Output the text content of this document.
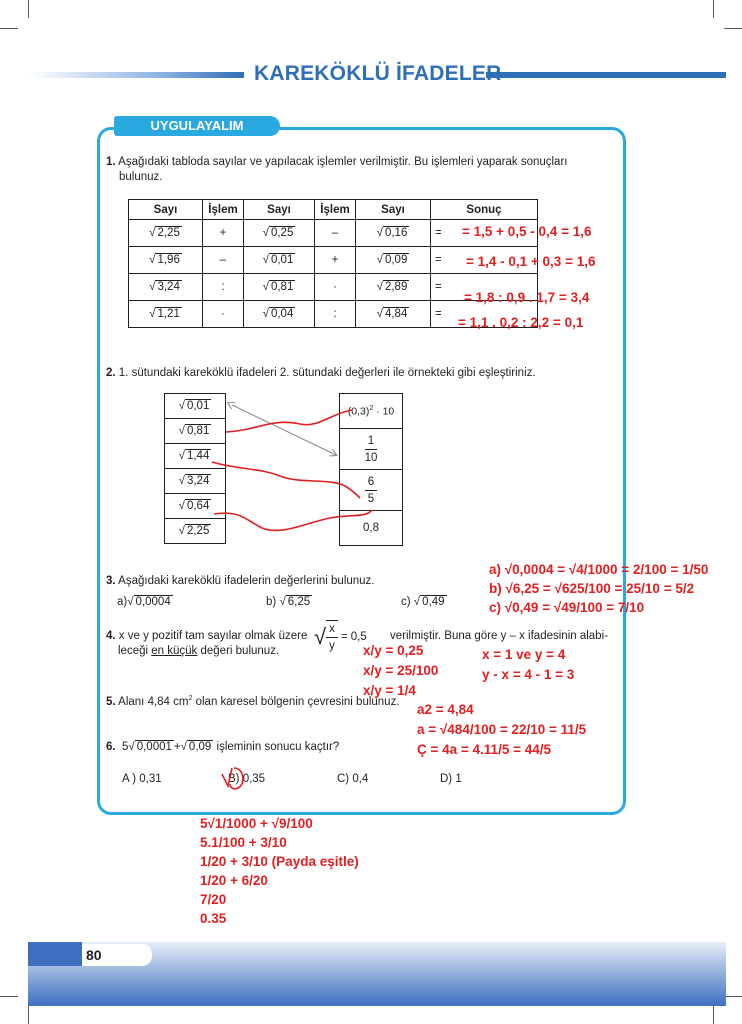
KAREKÖKLÜ İFADELER
UYGULAYALIM
1. Aşağıdaki tabloda sayılar ve yapılacak işlemler verilmiştir. Bu işlemleri yaparak sonuçları
bulunuz.
Sayı	İşlem	Sayı	İşlem	Sayı	Sonuç
√ 2,25	+	√ 0,25	–	√ 0,16	=
√ 1,96	–	√ 0,01	+	√ 0,09	=
√ 3,24	:	√ 0,81	·	√ 2,89	=
√ 1,21	·	√ 0,04	:	√ 4,84	=
= 1,5 + 0,5 - 0,4 = 1,6
= 1,4 - 0,1 + 0,3 = 1,6
= 1,8 : 0,9 . 1,7 = 3,4
= 1,1 . 0,2 : 2,2 = 0,1
2. 1. sütundaki kareköklü ifadeleri 2. sütundaki değerleri ile örnekteki gibi eşleştiriniz.
√ 0,01
√ 0,81
√ 1,44
√ 3,24
√ 0,64
√ 2,25
$(0,3)^2 \cdot 10$

$\frac{1}{10}$

$\frac{6}{5}$
0,8
3. Aşağıdaki kareköklü ifadelerin değerlerini bulunuz.
a)√ 0,0004	b) √ 6,25	c) √ 0,49
a) √0,0004 = √4/1000 = 2/100 = 1/50
b) √6,25 = √625/100 = 25/10 = 5/2
c) √0,49 = √49/100 = 7/10
4. x ve y pozitif tam sayılar olmak üzere √ $\frac{x}{y} = 0,5$ verilmiştir. Buna göre y – x ifadesinin alabi-
leceği en küçük değeri bulunuz.	x/y = 0,25
x/y = 25/100
x/y = 1/4
x = 1 ve y = 4
y - x = 4 - 1 = 3
5. Alanı 4,84 $cm^2$ olan karesel bölgenin çevresini bulunuz.
a2 = 4,84
a = √484/100 = 22/10 = 11/5
Ç = 4a = 4.11/5 = 44/5
6. 5√ 0,0001 +√ 0,09 işleminin sonucu kaçtır?
A ) 0,31	B) 0,35	C) 0,4	D) 1
5√1/1000 + √9/100
5.1/100 + 3/10
1/20 + 3/10 (Payda eşitle)
1/20 + 6/20
7/20
0.35
80
